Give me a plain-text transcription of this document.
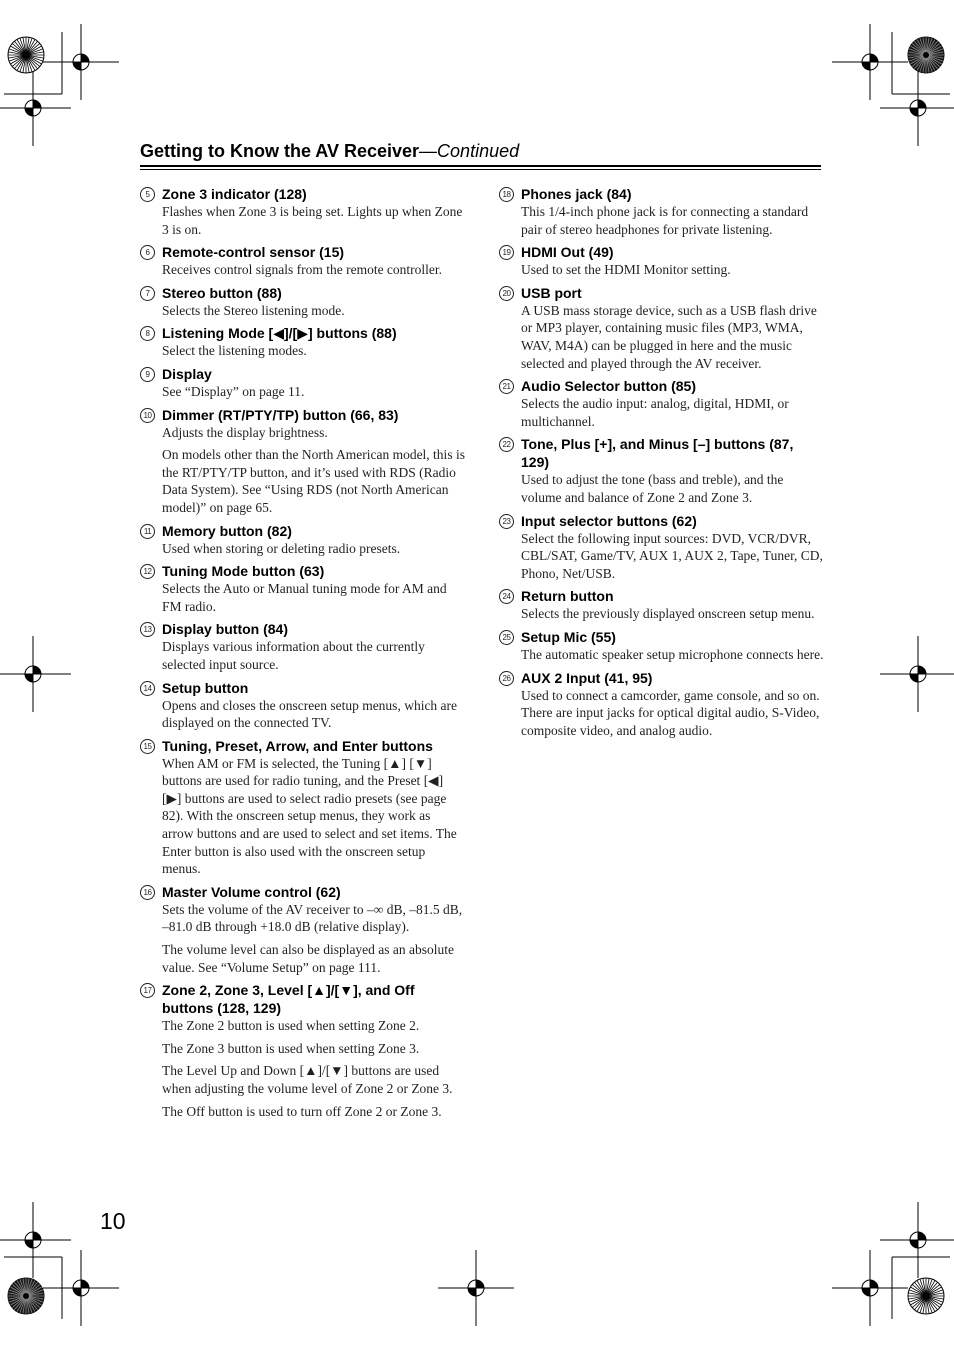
Getting to Know the AV Receiver—Continued
5 Zone 3 indicator (128)

Flashes when Zone 3 is being set. Lights up when Zone 3 is on.

6 Remote-control sensor (15)

Receives control signals from the remote controller.

7 Stereo button (88)

Selects the Stereo listening mode.

8 Listening Mode [◀]/[▶] buttons (88)

Select the listening modes.

9 Display

See “Display” on page 11.

10 Dimmer (RT/PTY/TP) button (66, 83)

Adjusts the display brightness.

On models other than the North American model, this is the RT/PTY/TP button, and it’s used with RDS (Radio Data System). See “Using RDS (not North American model)” on page 65.

11 Memory button (82)

Used when storing or deleting radio presets.

12 Tuning Mode button (63)

Selects the Auto or Manual tuning mode for AM and FM radio.

13 Display button (84)

Displays various information about the currently selected input source.

14 Setup button

Opens and closes the onscreen setup menus, which are displayed on the connected TV.

15 Tuning, Preset, Arrow, and Enter buttons

When AM or FM is selected, the Tuning [▲] [▼] buttons are used for radio tuning, and the Preset [◀] [▶] buttons are used to select radio presets (see page 82). With the onscreen setup menus, they work as arrow buttons and are used to select and set items. The Enter button is also used with the onscreen setup menus.

16 Master Volume control (62)

Sets the volume of the AV receiver to –∞ dB, –81.5 dB, –81.0 dB through +18.0 dB (relative display).

The volume level can also be displayed as an absolute value. See “Volume Setup” on page 111.

17 Zone 2, Zone 3, Level [▲]/[▼], and Off buttons (128, 129)

The Zone 2 button is used when setting Zone 2.

The Zone 3 button is used when setting Zone 3.

The Level Up and Down [▲]/[▼] buttons are used when adjusting the volume level of Zone 2 or Zone 3.

The Off button is used to turn off Zone 2 or Zone 3.

18 Phones jack (84)

This 1/4-inch phone jack is for connecting a standard pair of stereo headphones for private listening.

19 HDMI Out (49)

Used to set the HDMI Monitor setting.

20 USB port

A USB mass storage device, such as a USB flash drive or MP3 player, containing music files (MP3, WMA, WAV, M4A) can be plugged in here and the music selected and played through the AV receiver.

21 Audio Selector button (85)

Selects the audio input: analog, digital, HDMI, or multichannel.

22 Tone, Plus [+], and Minus [–] buttons (87, 129)

Used to adjust the tone (bass and treble), and the volume and balance of Zone 2 and Zone 3.

23 Input selector buttons (62)

Select the following input sources: DVD, VCR/DVR, CBL/SAT, Game/TV, AUX 1, AUX 2, Tape, Tuner, CD, Phono, Net/USB.

24 Return button

Selects the previously displayed onscreen setup menu.

25 Setup Mic (55)

The automatic speaker setup microphone connects here.

26 AUX 2 Input (41, 95)

Used to connect a camcorder, game console, and so on. There are input jacks for optical digital audio, S-Video, composite video, and analog audio.

10
